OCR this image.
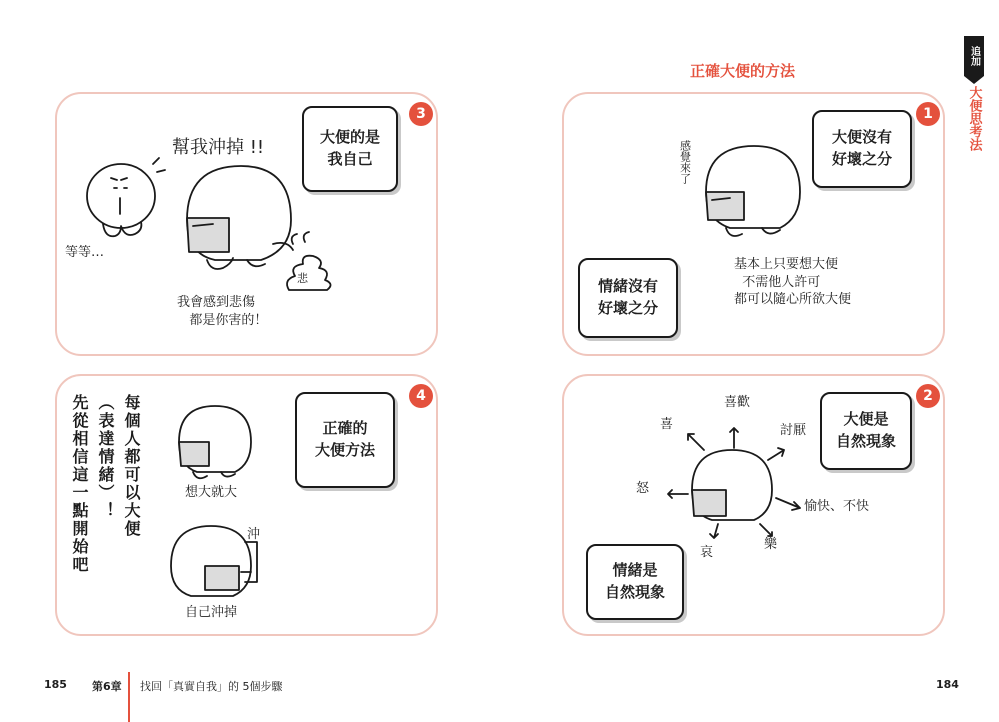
正確大便的方法
追加
大便思考法
3
大便的是
我自己
幫我沖掉 !!
等等…
我會感到悲傷
都是你害的！
悲
1
大便沒有
好壞之分
情緒沒有
好壞之分
感覺來了
基本上只要想大便
不需他人許可
都可以隨心所欲大便
4
正確的
大便方法
每個人都可以大便
（表達情緒）！
先從相信這一點開始吧	想大就大
沖
自己沖掉
2
大便是
自然現象
情緒是
自然現象
喜
喜歡
討厭
愉快、不快
樂
哀
怒
185 第6章 找回「真實自我」的 5個步驟	184
